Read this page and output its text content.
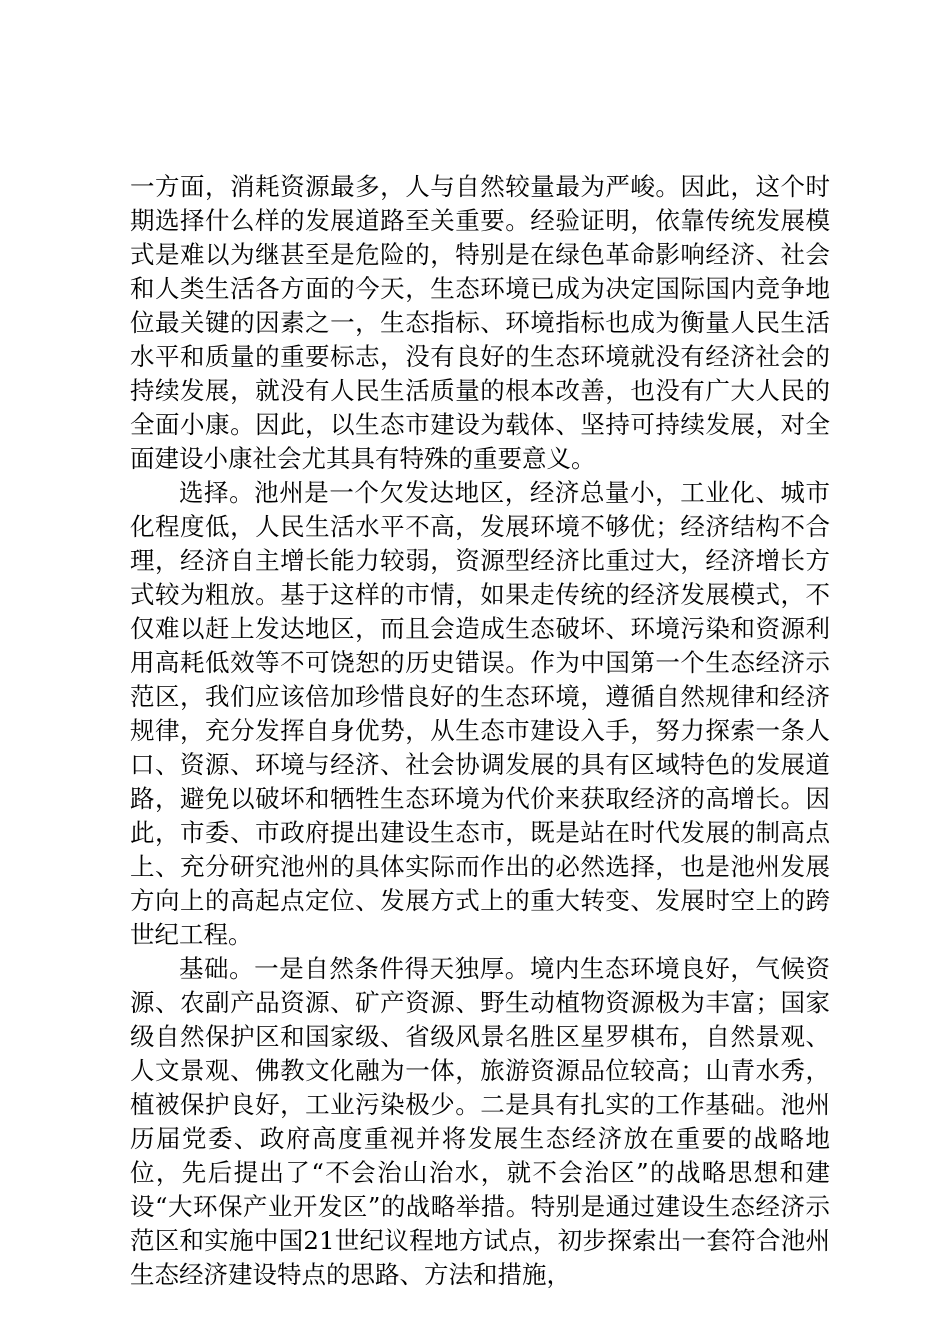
一方面，消耗资源最多，人与自然较量最为严峻。因此，这个时期选择什么样的发展道路至关重要。经验证明，依靠传统发展模式是难以为继甚至是危险的，特别是在绿色革命影响经济、社会和人类生活各方面的今天，生态环境已成为决定国际国内竞争地位最关键的因素之一，生态指标、环境指标也成为衡量人民生活水平和质量的重要标志，没有良好的生态环境就没有经济社会的持续发展，就没有人民生活质量的根本改善，也没有广大人民的全面小康。因此，以生态市建设为载体、坚持可持续发展，对全面建设小康社会尤其具有特殊的重要意义。

选择。池州是一个欠发达地区，经济总量小，工业化、城市化程度低，人民生活水平不高，发展环境不够优；经济结构不合理，经济自主增长能力较弱，资源型经济比重过大，经济增长方式较为粗放。基于这样的市情，如果走传统的经济发展模式，不仅难以赶上发达地区，而且会造成生态破坏、环境污染和资源利用高耗低效等不可饶恕的历史错误。作为中国第一个生态经济示范区，我们应该倍加珍惜良好的生态环境，遵循自然规律和经济规律，充分发挥自身优势，从生态市建设入手，努力探索一条人口、资源、环境与经济、社会协调发展的具有区域特色的发展道路，避免以破坏和牺牲生态环境为代价来获取经济的高增长。因此，市委、市政府提出建设生态市，既是站在时代发展的制高点上、充分研究池州的具体实际而作出的必然选择，也是池州发展方向上的高起点定位、发展方式上的重大转变、发展时空上的跨世纪工程。

基础。一是自然条件得天独厚。境内生态环境良好，气候资源、农副产品资源、矿产资源、野生动植物资源极为丰富；国家级自然保护区和国家级、省级风景名胜区星罗棋布，自然景观、人文景观、佛教文化融为一体，旅游资源品位较高；山青水秀，植被保护良好，工业污染极少。二是具有扎实的工作基础。池州历届党委、政府高度重视并将发展生态经济放在重要的战略地位，先后提出了“不会治山治水，就不会治区”的战略思想和建设“大环保产业开发区”的战略举措。特别是通过建设生态经济示范区和实施中国21世纪议程地方试点，初步探索出一套符合池州生态经济建设特点的思路、方法和措施，
